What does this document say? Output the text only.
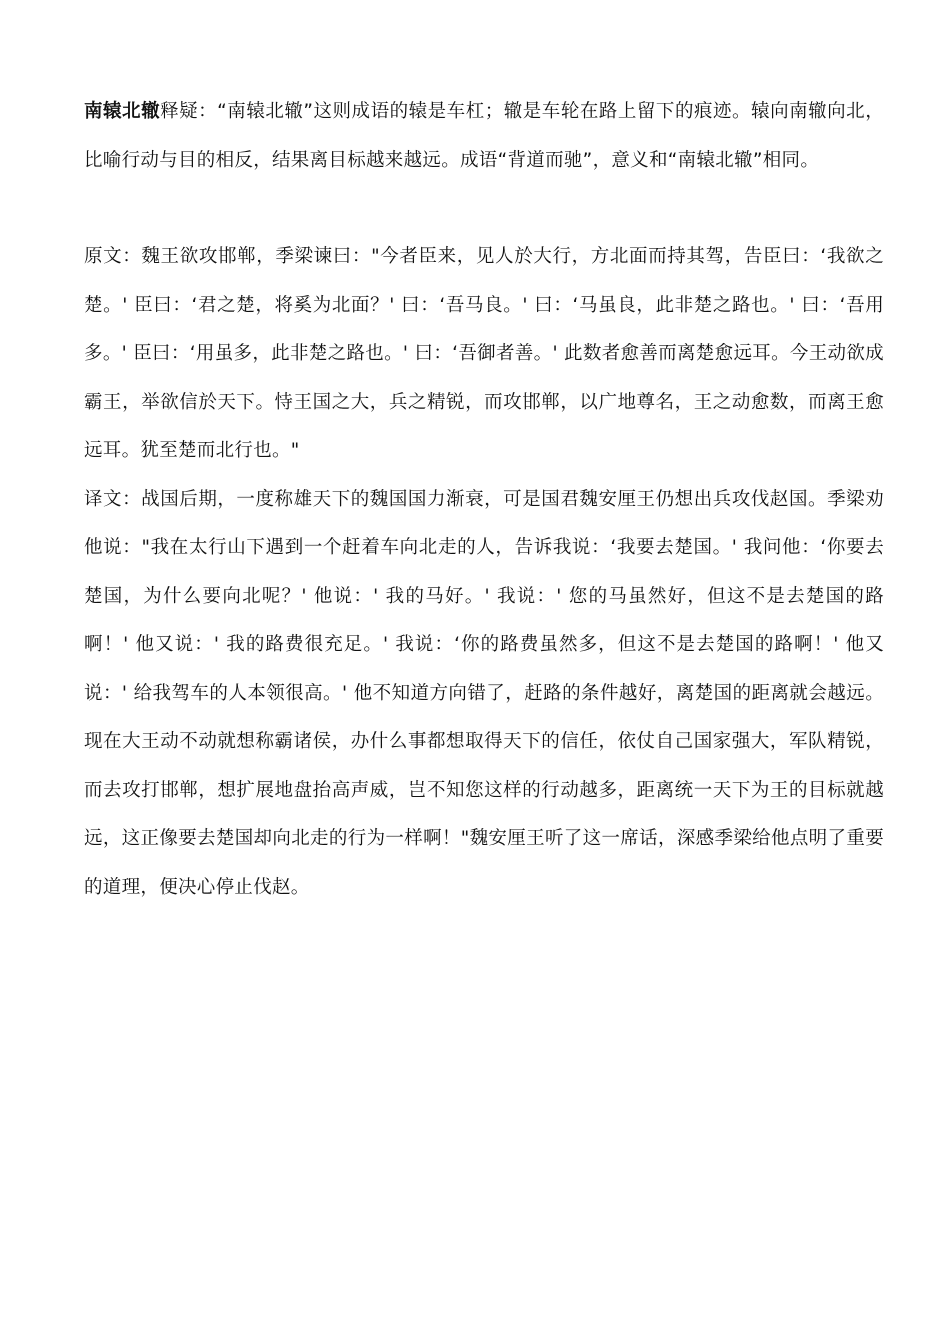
南辕北辙释疑：“南辕北辙”这则成语的辕是车杠；辙是车轮在路上留下的痕迹。辕向南辙向北，比喻行动与目的相反，结果离目标越来越远。成语“背道而驰”，意义和“南辕北辙”相同。

原文：魏王欲攻邯郸，季梁谏曰："今者臣来，见人於大行，方北面而持其驾，告臣曰：‘我欲之楚。' 臣曰：‘君之楚，将奚为北面？' 曰：‘吾马良。' 曰：‘马虽良，此非楚之路也。' 曰：‘吾用多。' 臣曰：‘用虽多，此非楚之路也。' 曰：‘吾御者善。' 此数者愈善而离楚愈远耳。今王动欲成霸王，举欲信於天下。恃王国之大，兵之精锐，而攻邯郸，以广地尊名，王之动愈数，而离王愈远耳。犹至楚而北行也。"

译文：战国后期，一度称雄天下的魏国国力渐衰，可是国君魏安厘王仍想出兵攻伐赵国。季梁劝他说："我在太行山下遇到一个赶着车向北走的人，告诉我说：‘我要去楚国。' 我问他：‘你要去楚国，为什么要向北呢？' 他说：' 我的马好。' 我说：' 您的马虽然好，但这不是去楚国的路啊！' 他又说：' 我的路费很充足。' 我说：‘你的路费虽然多，但这不是去楚国的路啊！' 他又说：' 给我驾车的人本领很高。' 他不知道方向错了，赶路的条件越好，离楚国的距离就会越远。现在大王动不动就想称霸诸侯，办什么事都想取得天下的信任，依仗自己国家强大，军队精锐，而去攻打邯郸，想扩展地盘抬高声威，岂不知您这样的行动越多，距离统一天下为王的目标就越远，这正像要去楚国却向北走的行为一样啊！"魏安厘王听了这一席话，深感季梁给他点明了重要的道理，便决心停止伐赵。
